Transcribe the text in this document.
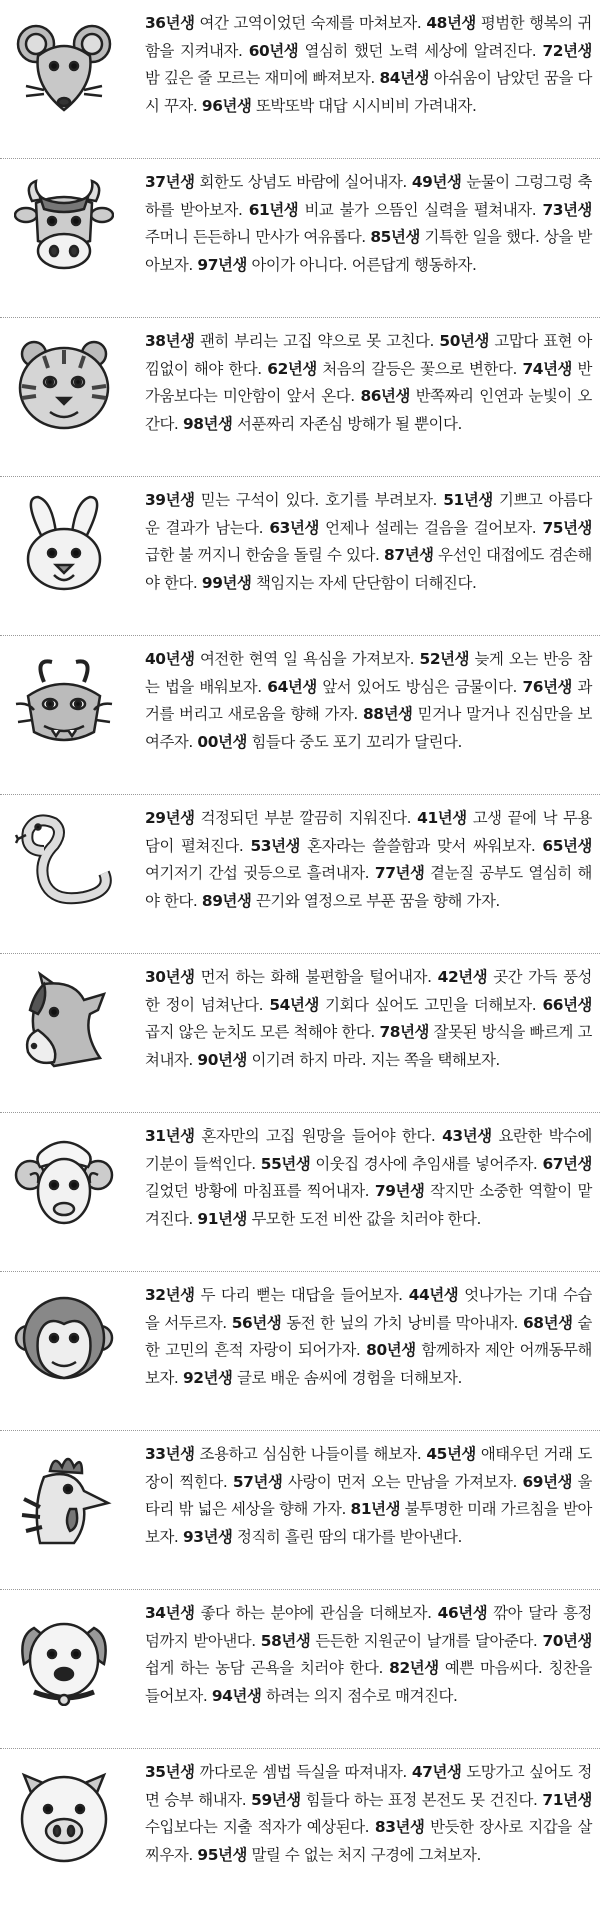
36년생 여간 고역이었던 숙제를 마쳐보자. 48년생 평범한 행복의 귀함을 지켜내자. 60년생 열심히 했던 노력 세상에 알려진다. 72년생 밤 깊은 줄 모르는 재미에 빠져보자. 84년생 아쉬움이 남았던 꿈을 다시 꾸자. 96년생 또박또박 대답 시시비비 가려내자.
37년생 회한도 상념도 바람에 실어내자. 49년생 눈물이 그렁그렁 축하를 받아보자. 61년생 비교 불가 으뜸인 실력을 펼쳐내자. 73년생 주머니 든든하니 만사가 여유롭다. 85년생 기특한 일을 했다. 상을 받아보자. 97년생 아이가 아니다. 어른답게 행동하자.
38년생 괜히 부리는 고집 약으로 못 고친다. 50년생 고맙다 표현 아낌없이 해야 한다. 62년생 처음의 갈등은 꽃으로 변한다. 74년생 반가움보다는 미안함이 앞서 온다. 86년생 반쪽짜리 인연과 눈빛이 오간다. 98년생 서푼짜리 자존심 방해가 될 뿐이다.
39년생 믿는 구석이 있다. 호기를 부려보자. 51년생 기쁘고 아름다운 결과가 남는다. 63년생 언제나 설레는 걸음을 걸어보자. 75년생 급한 불 꺼지니 한숨을 돌릴 수 있다. 87년생 우선인 대접에도 겸손해야 한다. 99년생 책임지는 자세 단단함이 더해진다.
40년생 여전한 현역 일 욕심을 가져보자. 52년생 늦게 오는 반응 참는 법을 배워보자. 64년생 앞서 있어도 방심은 금물이다. 76년생 과거를 버리고 새로움을 향해 가자. 88년생 믿거나 말거나 진심만을 보여주자. 00년생 힘들다 중도 포기 꼬리가 달린다.
29년생 걱정되던 부분 깔끔히 지워진다. 41년생 고생 끝에 낙 무용담이 펼쳐진다. 53년생 혼자라는 쓸쓸함과 맞서 싸워보자. 65년생 여기저기 간섭 귓등으로 흘려내자. 77년생 곁눈질 공부도 열심히 해야 한다. 89년생 끈기와 열정으로 부푼 꿈을 향해 가자.
30년생 먼저 하는 화해 불편함을 털어내자. 42년생 곳간 가득 풍성한 정이 넘쳐난다. 54년생 기회다 싶어도 고민을 더해보자. 66년생 곱지 않은 눈치도 모른 척해야 한다. 78년생 잘못된 방식을 빠르게 고쳐내자. 90년생 이기려 하지 마라. 지는 쪽을 택해보자.
31년생 혼자만의 고집 원망을 들어야 한다. 43년생 요란한 박수에 기분이 들썩인다. 55년생 이웃집 경사에 추임새를 넣어주자. 67년생 길었던 방황에 마침표를 찍어내자. 79년생 작지만 소중한 역할이 맡겨진다. 91년생 무모한 도전 비싼 값을 치러야 한다.
32년생 두 다리 뻗는 대답을 들어보자. 44년생 엇나가는 기대 수습을 서두르자. 56년생 동전 한 닢의 가치 낭비를 막아내자. 68년생 숱한 고민의 흔적 자랑이 되어가자. 80년생 함께하자 제안 어깨동무해보자. 92년생 글로 배운 솜씨에 경험을 더해보자.
33년생 조용하고 심심한 나들이를 해보자. 45년생 애태우던 거래 도장이 찍힌다. 57년생 사랑이 먼저 오는 만남을 가져보자. 69년생 울타리 밖 넓은 세상을 향해 가자. 81년생 불투명한 미래 가르침을 받아보자. 93년생 정직히 흘린 땀의 대가를 받아낸다.
34년생 좋다 하는 분야에 관심을 더해보자. 46년생 깎아 달라 흥정 덤까지 받아낸다. 58년생 든든한 지원군이 날개를 달아준다. 70년생 쉽게 하는 농담 곤욕을 치러야 한다. 82년생 예쁜 마음씨다. 칭찬을 들어보자. 94년생 하려는 의지 점수로 매겨진다.
35년생 까다로운 셈법 득실을 따져내자. 47년생 도망가고 싶어도 정면 승부 해내자. 59년생 힘들다 하는 표정 본전도 못 건진다. 71년생 수입보다는 지출 적자가 예상된다. 83년생 반듯한 장사로 지갑을 살찌우자. 95년생 말릴 수 없는 처지 구경에 그쳐보자.
